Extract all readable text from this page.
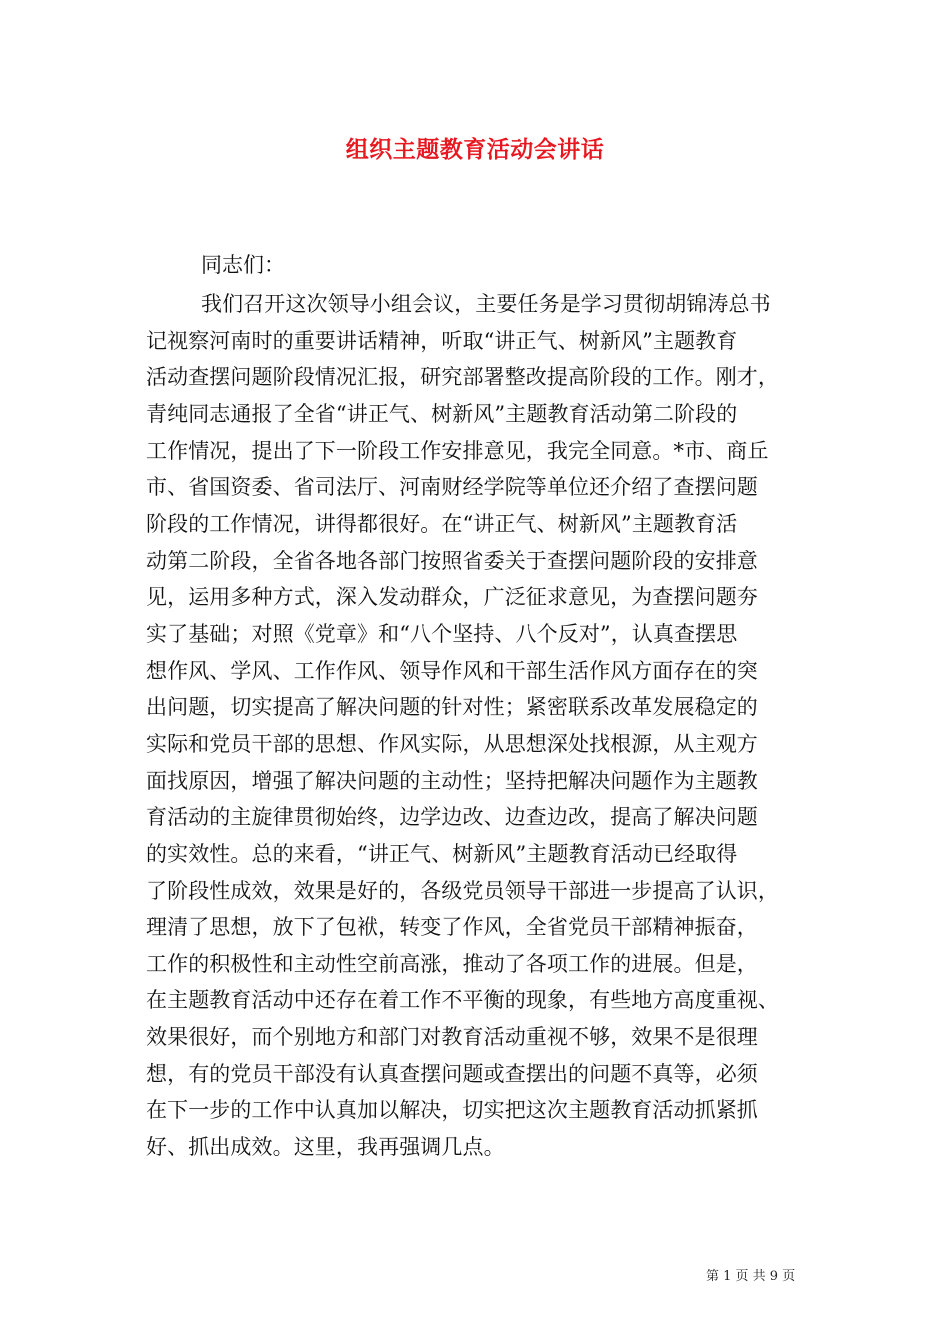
组织主题教育活动会讲话
同志们：
我们召开这次领导小组会议，主要任务是学习贯彻胡锦涛总书
记视察河南时的重要讲话精神，听取“讲正气、树新风”主题教育
活动查摆问题阶段情况汇报，研究部署整改提高阶段的工作。刚才，
青纯同志通报了全省“讲正气、树新风”主题教育活动第二阶段的
工作情况，提出了下一阶段工作安排意见，我完全同意。*市、商丘
市、省国资委、省司法厅、河南财经学院等单位还介绍了查摆问题
阶段的工作情况，讲得都很好。在“讲正气、树新风”主题教育活
动第二阶段，全省各地各部门按照省委关于查摆问题阶段的安排意
见，运用多种方式，深入发动群众，广泛征求意见，为查摆问题夯
实了基础；对照《党章》和“八个坚持、八个反对”，认真查摆思
想作风、学风、工作作风、领导作风和干部生活作风方面存在的突
出问题，切实提高了解决问题的针对性；紧密联系改革发展稳定的
实际和党员干部的思想、作风实际，从思想深处找根源，从主观方
面找原因，增强了解决问题的主动性；坚持把解决问题作为主题教
育活动的主旋律贯彻始终，边学边改、边查边改，提高了解决问题
的实效性。总的来看，“讲正气、树新风”主题教育活动已经取得
了阶段性成效，效果是好的，各级党员领导干部进一步提高了认识，
理清了思想，放下了包袱，转变了作风，全省党员干部精神振奋，
工作的积极性和主动性空前高涨，推动了各项工作的进展。但是，
在主题教育活动中还存在着工作不平衡的现象，有些地方高度重视、
效果很好，而个别地方和部门对教育活动重视不够，效果不是很理
想，有的党员干部没有认真查摆问题或查摆出的问题不真等，必须
在下一步的工作中认真加以解决，切实把这次主题教育活动抓紧抓
好、抓出成效。这里，我再强调几点。
第 1 页 共 9 页
